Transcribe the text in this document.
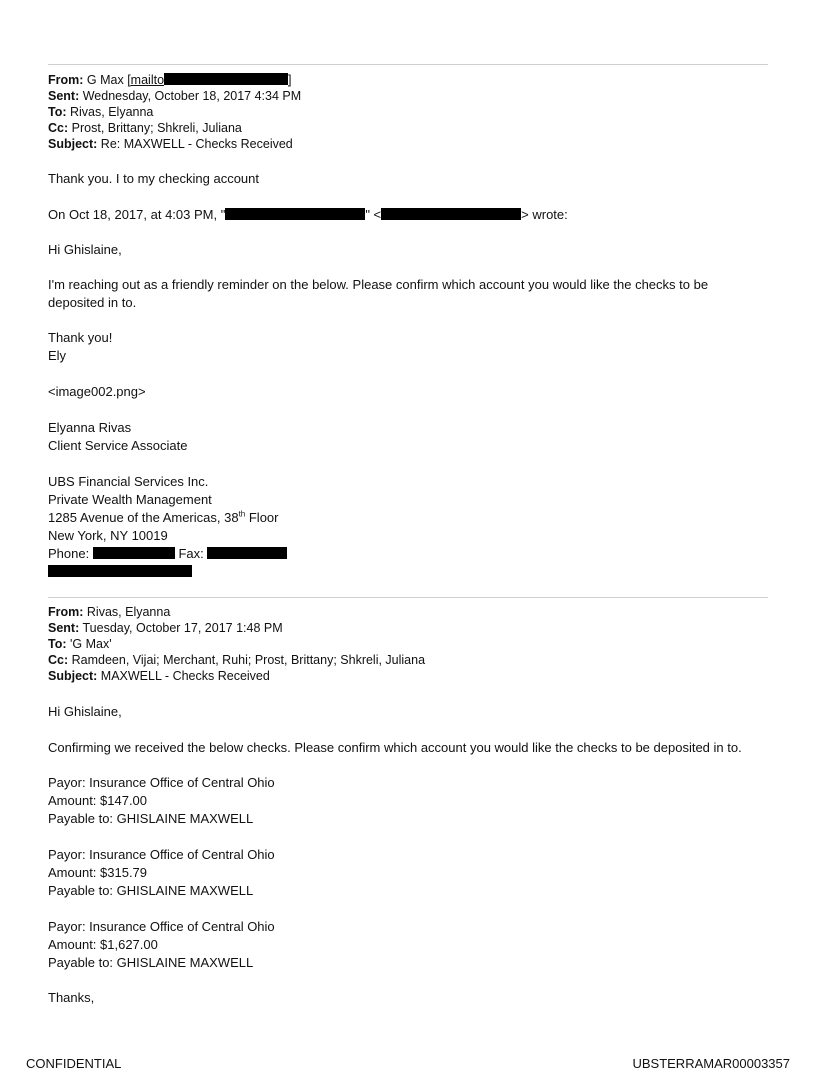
From: G Max [mailto	]
Sent: Wednesday, October 18, 2017 4:34 PM
To: Rivas, Elyanna
Cc: Prost, Brittany; Shkreli, Juliana
Subject: Re: MAXWELL - Checks Received
Thank you. I to my checking account
On Oct 18, 2017, at 4:03 PM, "	" <	> wrote:
Hi Ghislaine,
I'm reaching out as a friendly reminder on the below. Please confirm which account you would like the checks to be
deposited in to.
Thank you!
Ely
<image002.png>
Elyanna Rivas
Client Service Associate
UBS Financial Services Inc.
Private Wealth Management
1285 Avenue of the Americas, 38th Floor
New York, NY 10019
Phone:	Fax:
From: Rivas, Elyanna
Sent: Tuesday, October 17, 2017 1:48 PM
To: 'G Max'
Cc: Ramdeen, Vijai; Merchant, Ruhi; Prost, Brittany; Shkreli, Juliana
Subject: MAXWELL - Checks Received
Hi Ghislaine,
Confirming we received the below checks. Please confirm which account you would like the checks to be deposited in to.
Payor: Insurance Office of Central Ohio
Amount: $147.00
Payable to: GHISLAINE MAXWELL
Payor: Insurance Office of Central Ohio
Amount: $315.79
Payable to: GHISLAINE MAXWELL
Payor: Insurance Office of Central Ohio
Amount: $1,627.00
Payable to: GHISLAINE MAXWELL
Thanks,
CONFIDENTIAL	UBSTERRAMAR00003357
